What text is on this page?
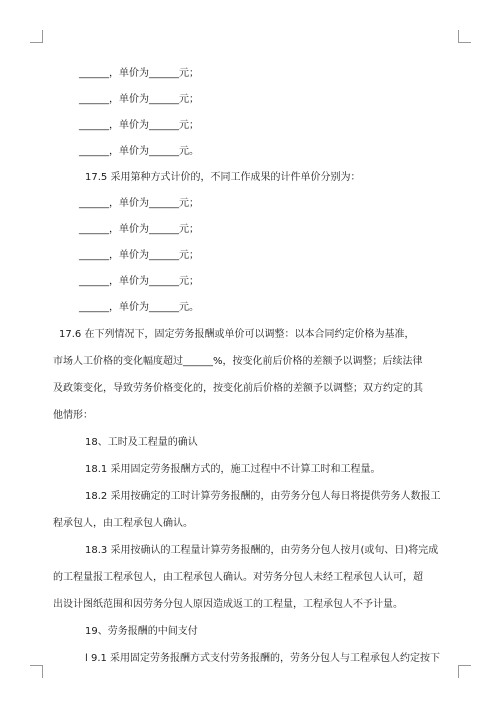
______，单价为______元；
______，单价为______元；
______，单价为______元；
______，单价为______元。
17.5 采用第种方式计价的，不同工作成果的计件单价分别为：
______，单价为______元；
______，单价为______元；
______，单价为______元；
______，单价为______元；
______，单价为______元。
17.6 在下列情况下，固定劳务报酬或单价可以调整：以本合同约定价格为基准，
市场人工价格的变化幅度超过______%，按变化前后价格的差额予以调整；后续法律
及政策变化，导致劳务价格变化的，按变化前后价格的差额予以调整；双方约定的其
他情形：
18、工时及工程量的确认
18.1 采用固定劳务报酬方式的，施工过程中不计算工时和工程量。
18.2 采用按确定的工时计算劳务报酬的，由劳务分包人每日将提供劳务人数报工
程承包人，由工程承包人确认。
18.3 采用按确认的工程量计算劳务报酬的，由劳务分包人按月(或旬、日)将完成
的工程量报工程承包人，由工程承包人确认。对劳务分包人未经工程承包人认可，超
出设计图纸范围和因劳务分包人原因造成返工的工程量，工程承包人不予计量。
19、劳务报酬的中间支付
l 9.1 采用固定劳务报酬方式支付劳务报酬的，劳务分包人与工程承包人约定按下
